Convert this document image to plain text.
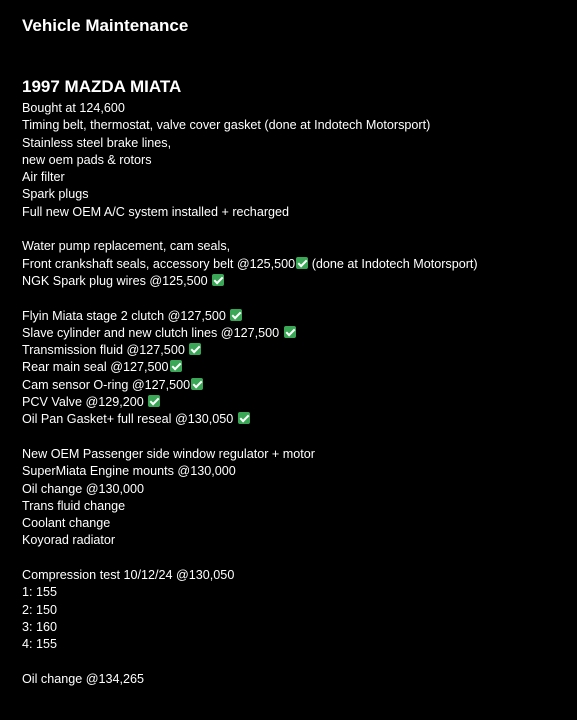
Vehicle Maintenance
1997 MAZDA MIATA
Bought at 124,600
Timing belt, thermostat, valve cover gasket (done at Indotech Motorsport)
Stainless steel brake lines,
new oem pads & rotors
Air filter
Spark plugs
Full new OEM A/C system installed + recharged
Water pump replacement, cam seals,
Front crankshaft seals, accessory belt @125,500 (done at Indotech Motorsport)
NGK Spark plug wires @125,500
Flyin Miata stage 2 clutch @127,500
Slave cylinder and new clutch lines @127,500
Transmission fluid @127,500
Rear main seal @127,500
Cam sensor O-ring @127,500
PCV Valve @129,200
Oil Pan Gasket+ full reseal @130,050
New OEM Passenger side window regulator + motor
SuperMiata Engine mounts @130,000
Oil change @130,000
Trans fluid change
Coolant change
Koyorad radiator
Compression test 10/12/24 @130,050
1: 155
2: 150
3: 160
4: 155
Oil change @134,265
